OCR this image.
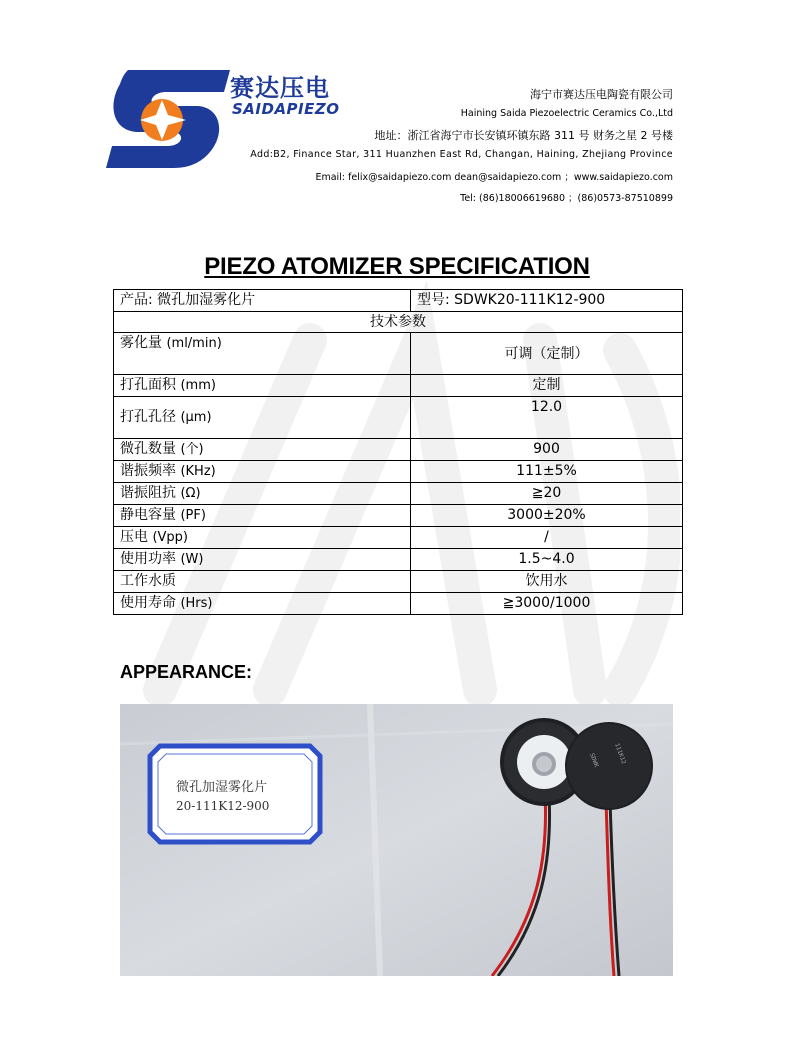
赛达压电
SAIDAPIEZO
海宁市赛达压电陶瓷有限公司
Haining Saida Piezoelectric Ceramics Co.,Ltd
地址：浙江省海宁市长安镇环镇东路 311 号 财务之星 2 号楼
Add:B2, Finance Star, 311 Huanzhen East Rd, Changan, Haining, Zhejiang Province
Email: felix@saidapiezo.com dean@saidapiezo.com ；www.saidapiezo.com
Tel: (86)18006619680 ；(86)0573-87510899
PIEZO ATOMIZER SPECIFICATION
产品: 微孔加湿雾化片	型号: SDWK20-111K12-900
技术参数	
雾化量 (ml/min)	可调（定制）
打孔面积 (mm)	定制
打孔孔径 (μm)	12.0
微孔数量 (个)	900
谐振频率 (KHz)	111±5%
谐振阻抗 (Ω)	≧20
静电容量 (PF)	3000±20%
压电 (Vpp)	/
使用功率 (W)	1.5~4.0
工作水质	饮用水
使用寿命 (Hrs)	≧3000/1000
APPEARANCE:
微孔加湿雾化片
20-111K12-900
SDWK 111K12
